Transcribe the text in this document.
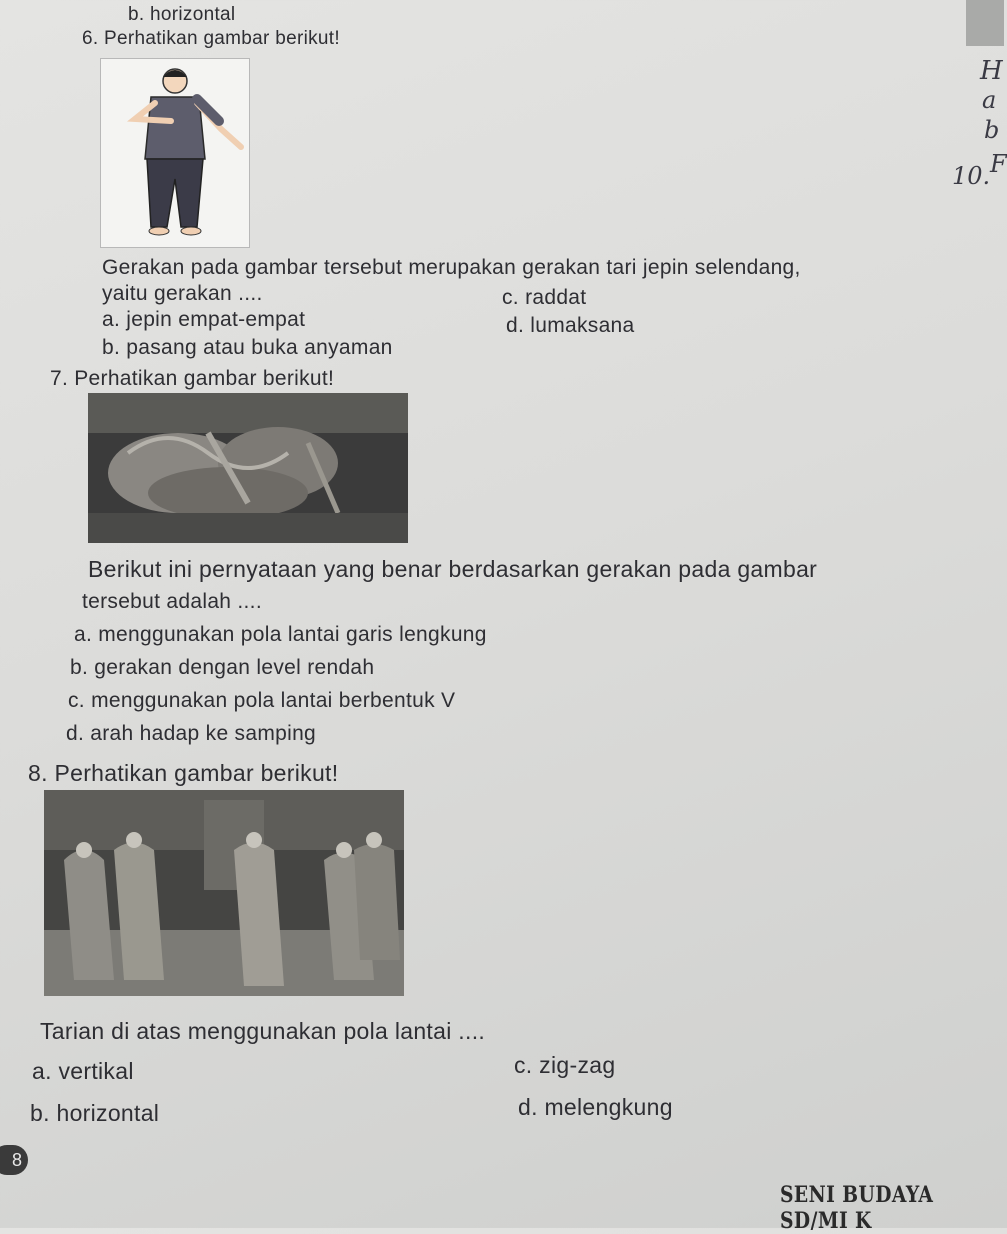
b. horizontal
6. Perhatikan gambar berikut!
Gerakan pada gambar tersebut merupakan gerakan tari jepin selendang,
yaitu gerakan ....
a. jepin empat-empat
c. raddat
b. pasang atau buka anyaman
d. lumaksana
7. Perhatikan gambar berikut!
Berikut ini pernyataan yang benar berdasarkan gerakan pada gambar
tersebut adalah ....
a. menggunakan pola lantai garis lengkung
b. gerakan dengan level rendah
c. menggunakan pola lantai berbentuk V
d. arah hadap ke samping
8. Perhatikan gambar berikut!
Tarian di atas menggunakan pola lantai ....
a. vertikal	c. zig-zag
b. horizontal	d. melengkung
H
a
b
10. F
8
SENI BUDAYA SD/MI K
